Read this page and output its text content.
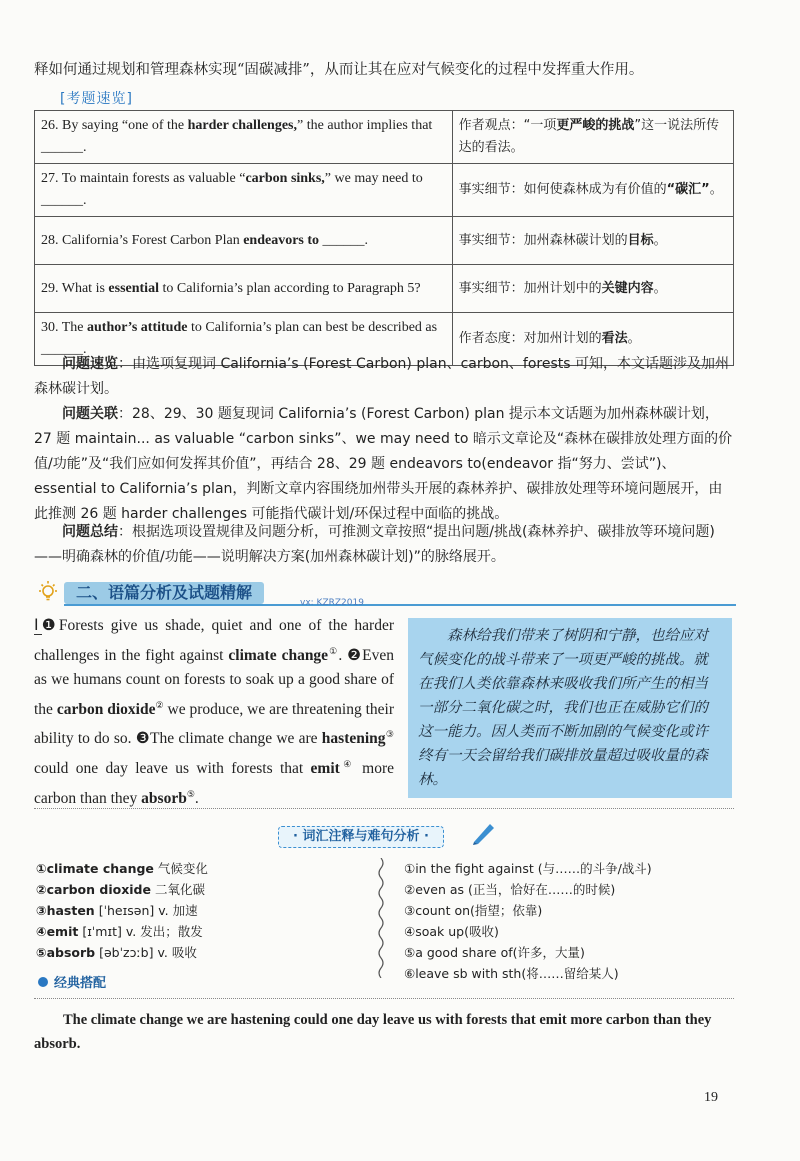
释如何通过规划和管理森林实现“固碳减排”，从而让其在应对气候变化的过程中发挥重大作用。
[考题速览]
26. By saying “one of the harder challenges,” the author implies that ______.	作者观点：“一项更严峻的挑战”这一说法所传达的看法。
27. To maintain forests as valuable “carbon sinks,” we may need to ______.	事实细节：如何使森林成为有价值的“碳汇”。
28. California’s Forest Carbon Plan endeavors to ______.	事实细节：加州森林碳计划的目标。
29. What is essential to California’s plan according to Paragraph 5?	事实细节：加州计划中的关键内容。
30. The author’s attitude to California’s plan can best be described as ______.	作者态度：对加州计划的看法。
问题速览：由选项复现词 California’s (Forest Carbon) plan、carbon、forests 可知，本文话题涉及加州森林碳计划。
问题关联：28、29、30 题复现词 California’s (Forest Carbon) plan 提示本文话题为加州森林碳计划，27 题 maintain... as valuable “carbon sinks”、we may need to 暗示文章论及“森林在碳排放处理方面的价值/功能”及“我们应如何发挥其价值”，再结合 28、29 题 endeavors to(endeavor 指“努力、尝试”)、essential to California’s plan，判断文章内容围绕加州带头开展的森林养护、碳排放处理等环境问题展开，由此推测 26 题 harder challenges 可能指代碳计划/环保过程中面临的挑战。
问题总结：根据选项设置规律及问题分析，可推测文章按照“提出问题/挑战(森林养护、碳排放等环境问题)——明确森林的价值/功能——说明解决方案(加州森林碳计划)”的脉络展开。
二、语篇分析及试题精解
vx: KZRZ2019
Ⅰ❶Forests give us shade, quiet and one of the harder challenges in the fight against climate change①. ❷Even as we humans count on forests to soak up a good share of the carbon dioxide② we produce, we are threatening their ability to do so. ❸The climate change we are hastening③ could one day leave us with forests that emit④ more carbon than they absorb⑤.
森林给我们带来了树阴和宁静，也给应对气候变化的战斗带来了一项更严峻的挑战。就在我们人类依靠森林来吸收我们所产生的相当一部分二氧化碳之时，我们也正在威胁它们的这一能力。因人类而不断加剧的气候变化或许终有一天会留给我们碳排放量超过吸收量的森林。
· 词汇注释与难句分析 ·
①climate change 气候变化
②carbon dioxide 二氧化碳
③hasten [ˈheɪsən] v. 加速
④emit [ɪˈmɪt] v. 发出；散发
⑤absorb [əbˈzɔːb] v. 吸收
①in the fight against (与……的斗争/战斗)
②even as (正当，恰好在……的时候)
③count on(指望；依靠)
④soak up(吸收)
⑤a good share of(许多，大量)
⑥leave sb with sth(将……留给某人)
经典搭配
The climate change we are hastening could one day leave us with forests that emit more carbon than they absorb.
19
